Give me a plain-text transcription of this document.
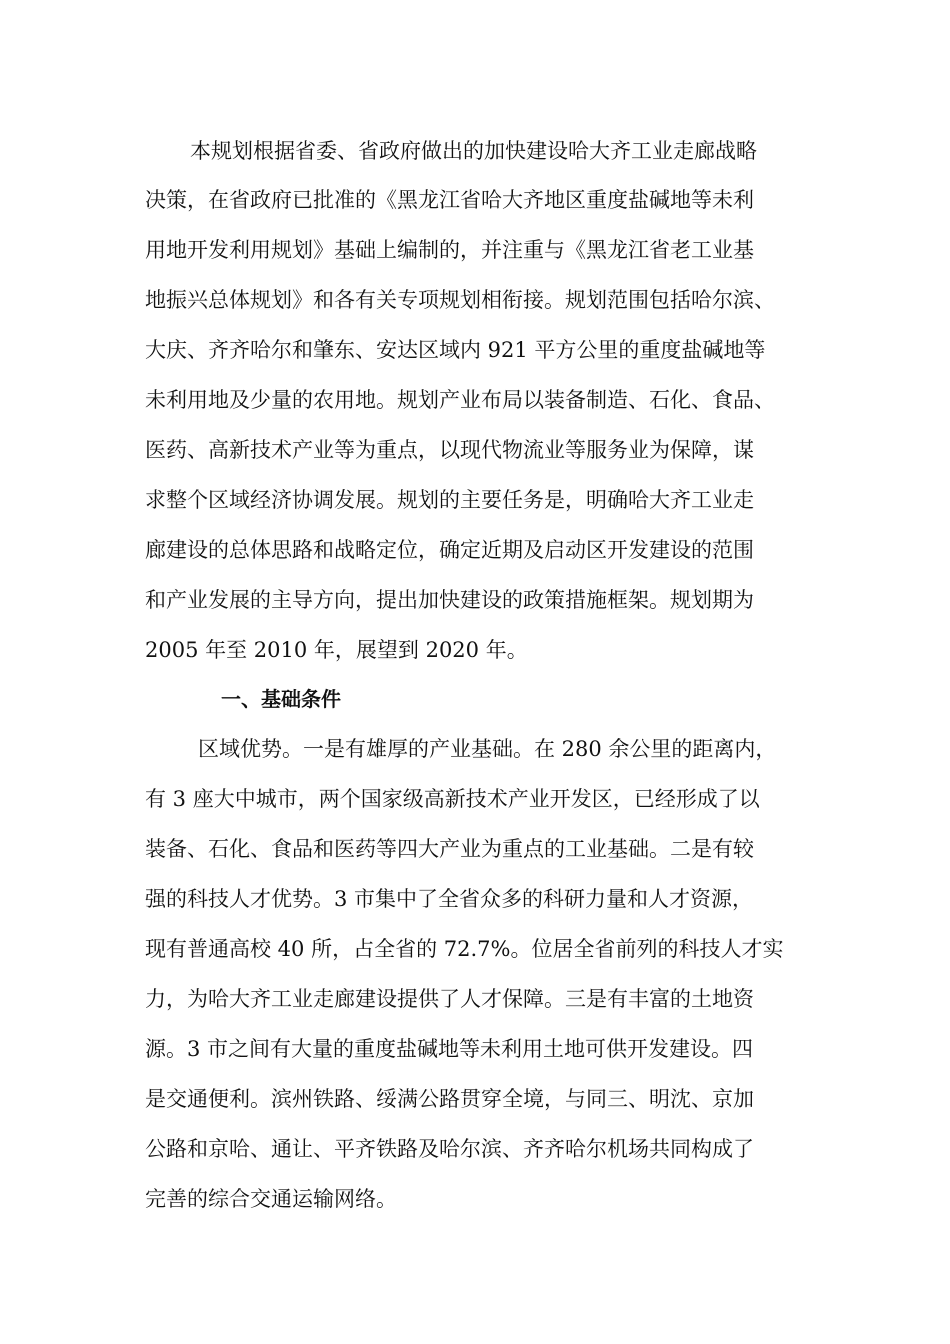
本规划根据省委、省政府做出的加快建设哈大齐工业走廊战略
决策，在省政府已批准的《黑龙江省哈大齐地区重度盐碱地等未利
用地开发利用规划》基础上编制的，并注重与《黑龙江省老工业基
地振兴总体规划》和各有关专项规划相衔接。规划范围包括哈尔滨、
大庆、齐齐哈尔和肇东、安达区域内 921 平方公里的重度盐碱地等
未利用地及少量的农用地。规划产业布局以装备制造、石化、食品、
医药、高新技术产业等为重点，以现代物流业等服务业为保障，谋
求整个区域经济协调发展。规划的主要任务是，明确哈大齐工业走
廊建设的总体思路和战略定位，确定近期及启动区开发建设的范围
和产业发展的主导方向，提出加快建设的政策措施框架。规划期为
2005 年至 2010 年，展望到 2020 年。
一、基础条件
区域优势。一是有雄厚的产业基础。在 280 余公里的距离内，
有 3 座大中城市，两个国家级高新技术产业开发区，已经形成了以
装备、石化、食品和医药等四大产业为重点的工业基础。二是有较
强的科技人才优势。3 市集中了全省众多的科研力量和人才资源，
现有普通高校 40 所，占全省的 72.7%。位居全省前列的科技人才实
力，为哈大齐工业走廊建设提供了人才保障。三是有丰富的土地资
源。3 市之间有大量的重度盐碱地等未利用土地可供开发建设。四
是交通便利。滨州铁路、绥满公路贯穿全境，与同三、明沈、京加
公路和京哈、通让、平齐铁路及哈尔滨、齐齐哈尔机场共同构成了
完善的综合交通运输网络。
